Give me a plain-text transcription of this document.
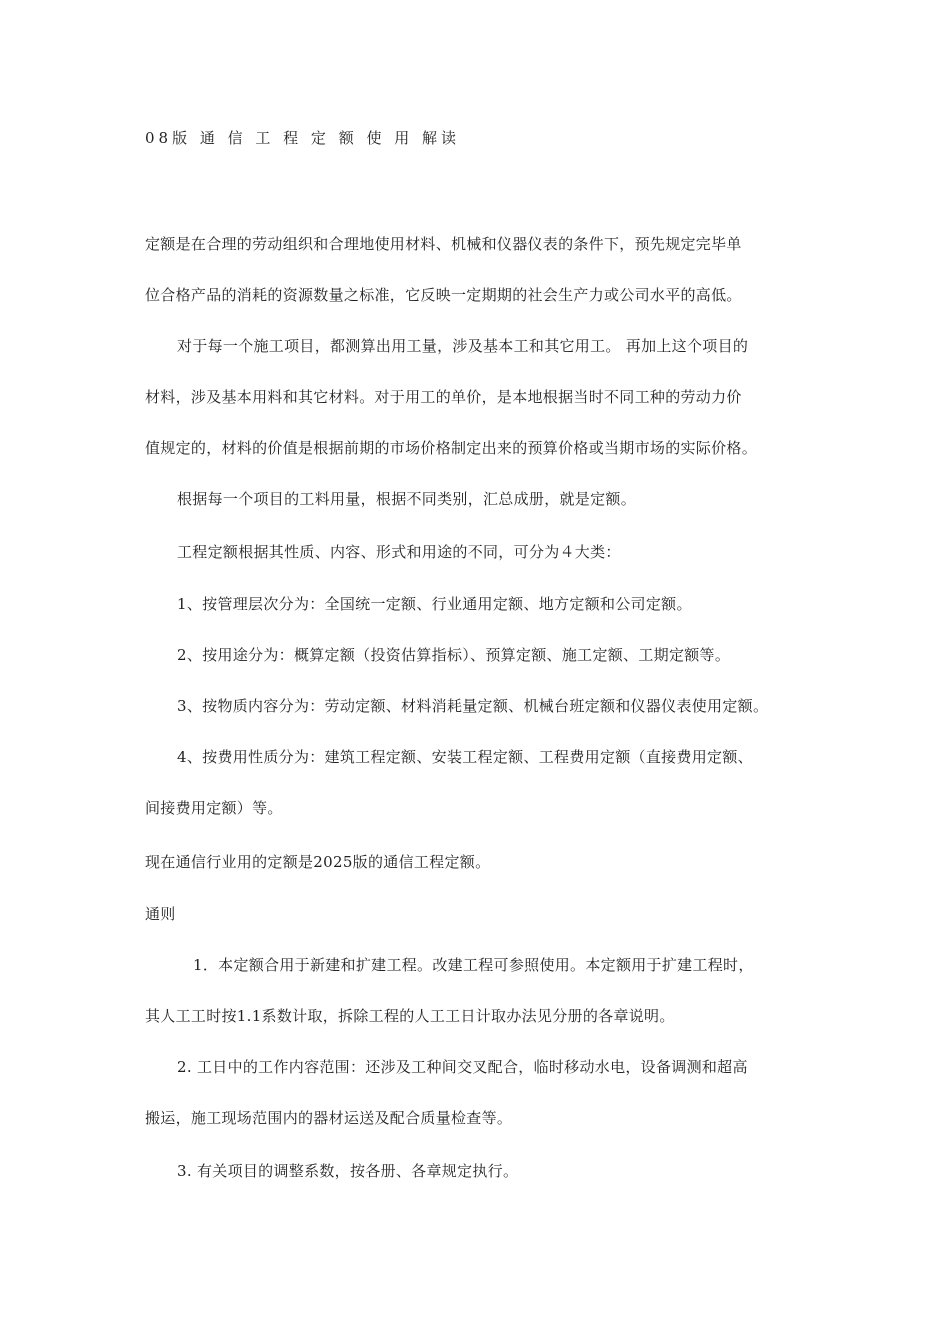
08版 通 信 工 程 定 额 使 用 解读
定额是在合理的劳动组织和合理地使用材料、机械和仪器仪表的条件下，预先规定完毕单
位合格产品的消耗的资源数量之标准，它反映一定期期的社会生产力或公司水平的高低。
对于每一个施工项目，都测算出用工量，涉及基本工和其它用工。 再加上这个项目的
材料，涉及基本用料和其它材料。对于用工的单价，是本地根据当时不同工种的劳动力价
值规定的，材料的价值是根据前期的市场价格制定出来的预算价格或当期市场的实际价格。
根据每一个项目的工料用量，根据不同类别，汇总成册，就是定额。
工程定额根据其性质、内容、形式和用途的不同，可分为４大类：
1、按管理层次分为：全国统一定额、行业通用定额、地方定额和公司定额。
2、按用途分为：概算定额（投资估算指标）、预算定额、施工定额、工期定额等。
3、按物质内容分为：劳动定额、材料消耗量定额、机械台班定额和仪器仪表使用定额。
4、按费用性质分为：建筑工程定额、安装工程定额、工程费用定额（直接费用定额、
间接费用定额）等。
现在通信行业用的定额是2025版的通信工程定额。
通则
1．本定额合用于新建和扩建工程。改建工程可参照使用。本定额用于扩建工程时，
其人工工时按1.1系数计取，拆除工程的人工工日计取办法见分册的各章说明。
2. 工日中的工作内容范围：还涉及工种间交叉配合，临时移动水电，设备调测和超高
搬运，施工现场范围内的器材运送及配合质量检查等。
3. 有关项目的调整系数，按各册、各章规定执行。
